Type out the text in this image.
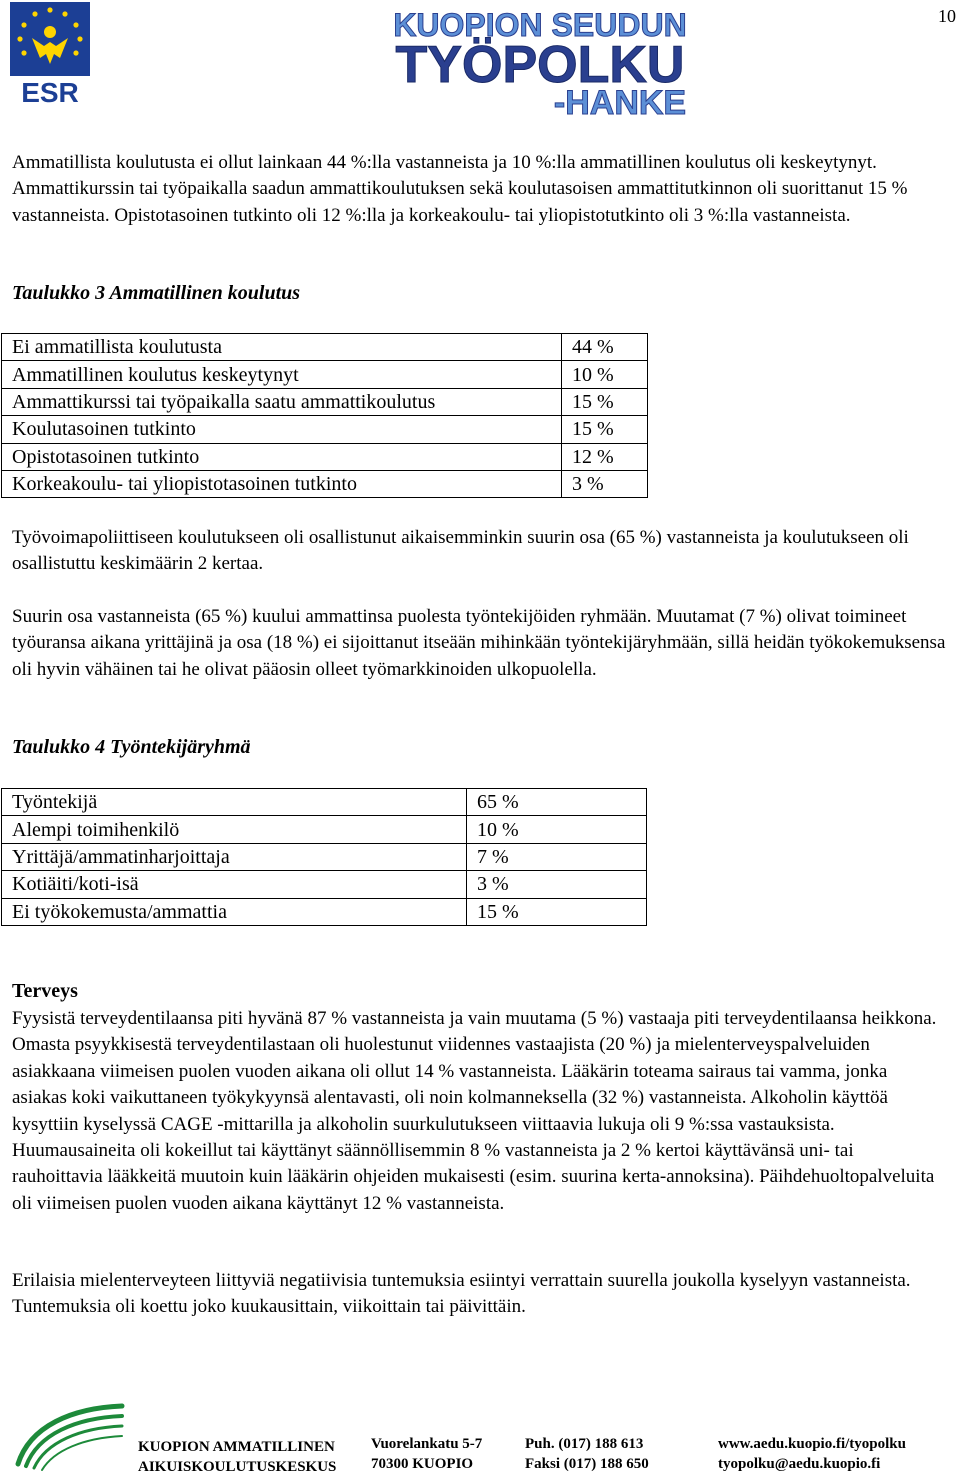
10
ESR
KUOPION SEUDUN
TYÖPOLKU
-HANKE

Ammatillista koulutusta ei ollut lainkaan 44 %:lla vastanneista ja 10 %:lla ammatillinen koulutus oli keskeytynyt. Ammattikurssin tai työpaikalla saadun ammattikoulutuksen sekä koulutasoisen ammattitutkinnon oli suorittanut 15 % vastanneista. Opistotasoinen tutkinto oli 12 %:lla ja korkeakoulu- tai yliopistotutkinto oli 3 %:lla vastanneista.

Taulukko 3 Ammatillinen koulutus
Ei ammatillista koulutusta	44 %
Ammatillinen koulutus keskeytynyt	10 %
Ammattikurssi tai työpaikalla saatu ammattikoulutus	15 %
Koulutasoinen tutkinto	15 %
Opistotasoinen tutkinto	12 %
Korkeakoulu- tai yliopistotasoinen tutkinto	3 %

Työvoimapoliittiseen koulutukseen oli osallistunut aikaisemminkin suurin osa (65 %) vastanneista ja koulutukseen oli osallistuttu keskimäärin 2 kertaa.

Suurin osa vastanneista (65 %) kuului ammattinsa puolesta työntekijöiden ryhmään. Muutamat (7 %) olivat toimineet työuransa aikana yrittäjinä ja osa (18 %) ei sijoittanut itseään mihinkään työntekijäryhmään, sillä heidän työkokemuksensa oli hyvin vähäinen tai he olivat pääosin olleet työmarkkinoiden ulkopuolella.

Taulukko 4 Työntekijäryhmä
Työntekijä	65 %
Alempi toimihenkilö	10 %
Yrittäjä/ammatinharjoittaja	7 %
Kotiäiti/koti-isä	3 %
Ei työkokemusta/ammattia	15 %
Terveys

Fyysistä terveydentilaansa piti hyvänä 87 % vastanneista ja vain muutama (5 %) vastaaja piti terveydentilaansa heikkona. Omasta psyykkisestä terveydentilastaan oli huolestunut viidennes vastaajista (20 %) ja mielenterveyspalveluiden asiakkaana viimeisen puolen vuoden aikana oli ollut 14 % vastanneista. Lääkärin toteama sairaus tai vamma, jonka asiakas koki vaikuttaneen työkykyynsä alentavasti, oli noin kolmanneksella (32 %) vastanneista. Alkoholin käyttöä kysyttiin kyselyssä CAGE -mittarilla ja alkoholin suurkulutukseen viittaavia lukuja oli 9 %:ssa vastauksista. Huumausaineita oli kokeillut tai käyttänyt säännöllisemmin 8 % vastanneista ja 2 % kertoi käyttävänsä uni- tai rauhoittavia lääkkeitä muutoin kuin lääkärin ohjeiden mukaisesti (esim. suurina kerta-annoksina). Päihdehuoltopalveluita oli viimeisen puolen vuoden aikana käyttänyt 12 % vastanneista.

Erilaisia mielenterveyteen liittyviä negatiivisia tuntemuksia esiintyi verrattain suurella joukolla kyselyyn vastanneista. Tuntemuksia oli koettu joko kuukausittain, viikoittain tai päivittäin.

KUOPION AMMATILLINEN
AIKUISKOULUTUSKESKUS
Vuorelankatu 5-7
70300 KUOPIO
Puh. (017) 188 613
Faksi (017) 188 650
www.aedu.kuopio.fi/tyopolku
tyopolku@aedu.kuopio.fi
